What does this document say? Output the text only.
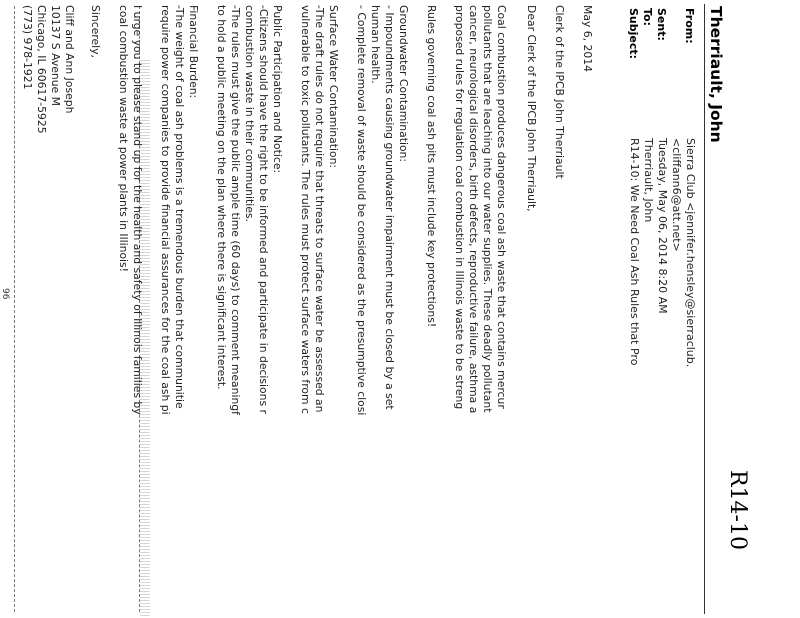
R14-10
Therriault, John
From:
Sierra Club <jennifer.hensley@sierraclub.
<cliffann6@att.net>
Sent:
Tuesday, May 06, 2014 8:20 AM
To:
Therriault, John
Subject:
R14-10: We Need Coal Ash Rules that Pro
May 6, 2014
Clerk of the IPCB John Therriault
Dear Clerk of the IPCB John Therriault,
Coal combustion produces dangerous coal ash waste that contains mercur
pollutants that are leaching into our water supplies. These deadly pollutant
cancer, neurological disorders, birth defects, reproductive failure, asthma a
proposed rules for regulation coal combustion in Illinois waste to be streng
Rules governing coal ash pits must include key protections!
Groundwater Contamination:
- Impoundments causing groundwater impairment must be closed by a set
human health.
- Complete removal of waste should be considered as the presumptive closi
Surface Water Contamination:
-The draft rules do not require that threats to surface water be assessed an
vulnerable to toxic pollutants. The rules must protect surface waters from c
Public Participation and Notice:
-Citizens should have the right to be informed and participate in decisions r
combustion waste in their communities.
-The rules must give the public ample time (60 days) to comment meaningf
to hold a public meeting on the plan where there is significant interest.
Financial Burden:
-The weight of coal ash problems is a tremendous burden that communitie
require power companies to provide financial assurances for the coal ash pi
I urge you to please stand up for the health and safety of Illinois families by
coal combustion waste at power plants in Illinois!
Sincerely,
Cliff and Ann Joseph
10137 S Avenue M
Chicago, IL 60617-5925
(773) 978-1921
96
